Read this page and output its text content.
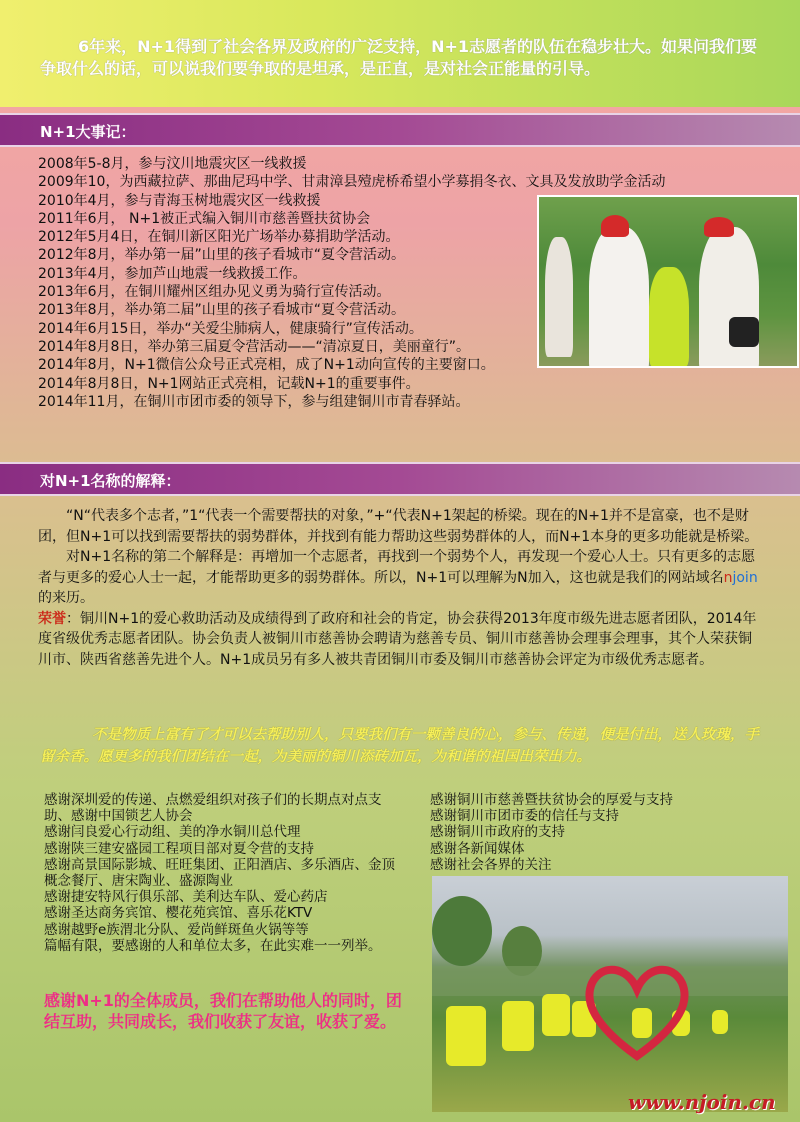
6年来，N+1得到了社会各界及政府的广泛支持，N+1志愿者的队伍在稳步壮大。如果问我们要争取什么的话，可以说我们要争取的是坦承，是正直，是对社会正能量的引导。
N+1大事记：
2008年5-8月，参与汶川地震灾区一线救援
2009年10，为西藏拉萨、那曲尼玛中学、甘肃漳县殪虎桥希望小学募捐冬衣、文具及发放助学金活动
2010年4月，参与青海玉树地震灾区一线救援
2011年6月， N+1被正式编入铜川市慈善暨扶贫协会
2012年5月4日，在铜川新区阳光广场举办募捐助学活动。
2012年8月，举办第一届”山里的孩子看城市“夏令营活动。
2013年4月，参加芦山地震一线救援工作。
2013年6月，在铜川耀州区组办见义勇为骑行宣传活动。
2013年8月，举办第二届”山里的孩子看城市“夏令营活动。
2014年6月15日，举办“关爱尘肺病人，健康骑行”宣传活动。
2014年8月8日，举办第三届夏令营活动——“清凉夏日，美丽童行”。
2014年8月，N+1微信公众号正式亮相，成了N+1动向宣传的主要窗口。
2014年8月8日，N+1网站正式亮相，记载N+1的重要事件。
2014年11月，在铜川市团市委的领导下，参与组建铜川市青春驿站。
对N+1名称的解释：

“N“代表多个志者，”1“代表一个需要帮扶的对象，”+“代表N+1架起的桥梁。现在的N+1并不是富豪，也不是财团，但N+1可以找到需要帮扶的弱势群体，并找到有能力帮助这些弱势群体的人，而N+1本身的更多功能就是桥梁。

对N+1名称的第二个解释是：再增加一个志愿者，再找到一个弱势个人，再发现一个爱心人士。只有更多的志愿者与更多的爱心人士一起，才能帮助更多的弱势群体。所以，N+1可以理解为N加入，这也就是我们的网站域名njoin的来历。

荣誉：铜川N+1的爱心救助活动及成绩得到了政府和社会的肯定，协会获得2013年度市级先进志愿者团队，2014年度省级优秀志愿者团队。协会负责人被铜川市慈善协会聘请为慈善专员、铜川市慈善协会理事会理事，其个人荣获铜川市、陕西省慈善先进个人。N+1成员另有多人被共青团铜川市委及铜川市慈善协会评定为市级优秀志愿者。
不是物质上富有了才可以去帮助别人，只要我们有一颗善良的心，参与、传递，便是付出，送人玫瑰，手留余香。愿更多的我们团结在一起，为美丽的铜川添砖加瓦，为和谐的祖国出荣出力。
感谢深圳爱的传递、点燃爱组织对孩子们的长期点对点支助、感谢中国锁艺人协会
感谢闫良爱心行动组、美的净水铜川总代理
感谢陕三建安盛园工程项目部对夏令营的支持
感谢高景国际影城、旺旺集团、正阳酒店、多乐酒店、金顶概念餐厅、唐宋陶业、盛源陶业
感谢捷安特风行俱乐部、美利达车队、爱心药店
感谢圣达商务宾馆、樱花苑宾馆、喜乐花KTV
感谢越野e族渭北分队、爱尚鲜斑鱼火锅等等
篇幅有限，要感谢的人和单位太多，在此实难一一列举。
感谢铜川市慈善暨扶贫协会的厚爱与支持
感谢铜川市团市委的信任与支持
感谢铜川市政府的支持
感谢各新闻媒体
感谢社会各界的关注
感谢N+1的全体成员，我们在帮助他人的同时，团结互助，共同成长，我们收获了友谊，收获了爱。
www.njoin.cn
